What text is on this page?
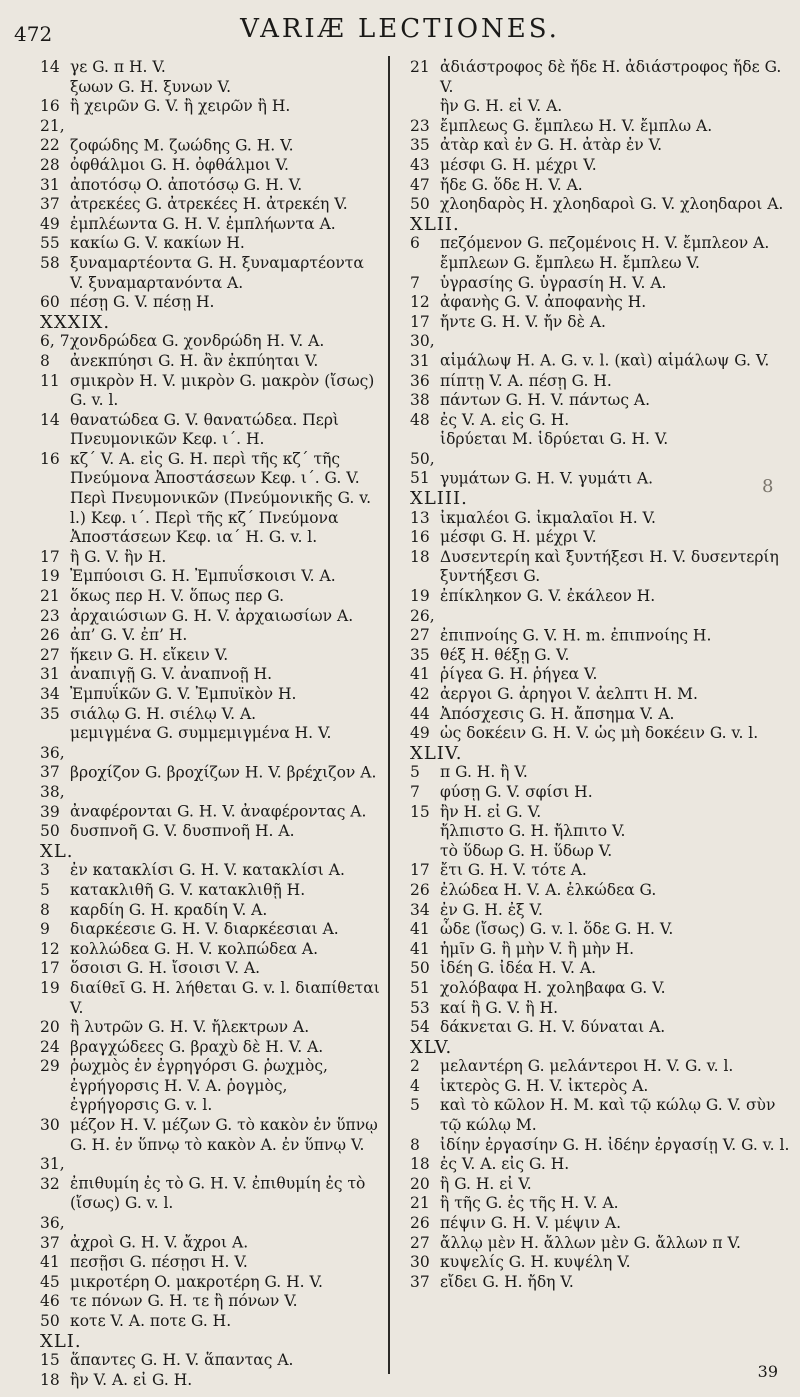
472	VARIÆ LECTIONES.
14 γε G. π H. V.
ξωων G. H. ξυνων V.
16 ἢ χειρῶν G. V. ἢ χειρῶν ἢ H.
21, 22 ζοφώδης M. ζωώδης G. H. V.
28 ὀφθάλμοι G. H. ὀφθάλμοι V.
31 ἀποτόσῳ O. ἀποτόσῳ G. H. V.
37 ἀτρεκέες G. ἀτρεκέες H. ἀτρεκέη V.
49 ἐμπλέωντα G. H. V. ἐμπλήωντα A.
55 κακίω G. V. κακίων H.
58 ξυναμαρτέοντα G. H. ξυναμαρτέοντα V. ξυναμαρτανόντα A.
60 πέσῃ G. V. πέσῃ H.
XXXIX.
6, 7χονδρώδεα G. χονδρώδη H. V. A.
8 ἀνεκπύησι G. H. ἂν ἐκπύηται V.
11 σμικρὸν H. V. μικρὸν G. μακρὸν (ἴσως) G. v. l.
14 θανατώδεα G. V. θανατώδεα. Περὶ Πνευμονικῶν Κεφ. ι΄. H.
16 κζ΄ V. A. εἰς G. H. περὶ τῆς κζ΄ τῆς Πνεύμονα Ἀποστάσεων Κεφ. ι΄. G. V. Περὶ Πνευμονικῶν (Πνεύμονικῆς G. v. l.) Κεφ. ι΄. Περὶ τῆς κζ΄ Πνεύμονα Ἀποστάσεων Κεφ. ια΄ H. G. v. l.
17 ἢ G. V. ἢν H.
19 Ἐμπύοισι G. H. Ἐμπυΐσκοισι V. A.
21 ὅκως περ H. V. ὅπως περ G.
23 ἀρχαιώσιων G. H. V. ἀρχαιωσίων A.
26 ἀπ’ G. V. ἐπ’ H.
27 ἥκειν G. H. εἴκειν V.
31 ἀναπιγῇ G. V. ἀναπνοῇ H.
34 Ἐμπυΐκῶν G. V. Ἐμπυϊκὸν H.
35 σιάλῳ G. H. σιέλῳ V. A.
μεμιγμένα G. συμμεμιγμένα H. V.
36, 37 βροχίζον G. βροχίζων H. V. βρέχιζον A.
38, 39 ἀναφέρονται G. H. V. ἀναφέροντας A.
50 δυσπνοῆ G. V. δυσπνοῆ H. A.
XL.
3 ἐν κατακλίσι G. H. V. κατακλίσι A.
5 κατακλιθῆ G. V. κατακλιθῇ H.
8 καρδίη G. H. κραδίη V. A.
9 διαρκέεσιε G. H. V. διαρκέεσιαι A.
12 κολλώδεα G. H. V. κολπώδεα A.
17 ὅσοισι G. H. ἴσοισι V. A.
19 διαίθεῖ G. H. λήθεται G. v. l. διαπίθεται V.
20 ἢ λυτρῶν G. H. V. ἤλεκτρων A.
24 βραγχώδεες G. βραχὺ δὲ H. V. A.
29 ῥωχμὸς ἐν ἐγρηγόρσι G. ῥωχμὸς, ἐγρήγορσις H. V. A. ῥογμὸς, ἐγρήγορσις G. v. l.
30 μέζον H. V. μέζων G. τὸ κακὸν ἐν ὕπνῳ G. H. ἐν ὕπνῳ τὸ κακὸν A. ἐν ὕπνῳ V.
31, 32 ἐπιθυμίη ἐς τὸ G. H. V. ἐπιθυμίη ἐς τὸ (ἴσως) G. v. l.
36, 37 ἀχροὶ G. H. V. ἄχροι A.
41 πεσῇσι G. πέσῃσι H. V.
45 μικροτέρη O. μακροτέρη G. H. V.
46 τε πόνων G. H. τε ἢ πόνων V.
50 κοτε V. A. ποτε G. H.
XLI.
15 ἅπαντες G. H. V. ἅπαντας A.
18 ἢν V. A. εἰ G. H.
21 ἀδιάστροφος δὲ ἤδε H. ἀδιάστροφος ἤδε G. V.
ἢν G. H. εἰ V. A.
23 ἔμπλεως G. ἔμπλεω H. V. ἔμπλω A.
35 ἀτὰρ καὶ ἐν G. H. ἀτὰρ ἐν V.
43 μέσφι G. H. μέχρι V.
47 ἤδε G. ὅδε H. V. A.
50 χλοηδαρὸς H. χλοηδαροὶ G. V. χλοηδαροι A.
XLII.
6 πεζόμενον G. πεζομένοις H. V. ἔμπλεον A. ἔμπλεων G. ἔμπλεω H. ἔμπλεω V.
7 ὑγρασίης G. ὑγρασίη H. V. A.
12 ἀφανὴς G. V. ἀποφανὴς H.
17 ἤντε G. H. V. ἤν δὲ A.
30, 31 αἱμάλωψ H. A. G. v. l. (καὶ) αἱμάλωψ G. V.
36 πίπτῃ V. A. πέσῃ G. H.
38 πάντων G. H. V. πάντως A.
48 ἐς V. A. εἰς G. H.
ἱδρύεται M. ἱδρύεται G. H. V.
50, 51 γυμάτων G. H. V. γυμάτι A.
XLIII.
13 ἰκμαλέοι G. ἰκμαλαῖοι H. V.
16 μέσφι G. H. μέχρι V.
18 Δυσεντερίη καὶ ξυντήξεσι H. V. δυσεντερίη ξυντήξεσι G.
19 ἐπίκληκον G. V. ἐκάλεον H.
26, 27 ἐπιπνοίης G. V. H. m. ἐπιπνοίης H.
35 θέξ H. θέξῃ G. V.
41 ῥίγεα G. H. ῥήγεα V.
42 ἀεργοι G. ἀρηγοι V. ἀελπτι H. M.
44 Ἀπόσχεσις G. H. ἄπσημα V. A.
49 ὡς δοκέειν G. H. V. ὡς μὴ δοκέειν G. v. l.
XLIV.
5 π G. H. ἢ V.
7 φύσῃ G. V. σφίσι H.
15 ἢν H. εἰ G. V.
ἤλπιστο G. H. ἤλπιτο V.
τὸ ὕδωρ G. H. ὕδωρ V.
17 ἔτι G. H. V. τότε A.
26 ἐλώδεα H. V. A. ἑλκώδεα G.
34 ἐν G. H. ἐξ V.
41 ὧδε (ἴσως) G. v. l. ὅδε G. H. V.
41 ἡμῖν G. ἢ μὴν V. ἢ μὴν H.
50 ἰδέη G. ἰδέα H. V. A.
51 χολόβαφα H. χοληβαφα G. V.
53 καί ἢ G. V. ἢ H.
54 δάκνεται G. H. V. δύναται A.
XLV.
2 μελαντέρη G. μελάντεροι H. V. G. v. l.
4 ἰκτερὸς G. H. V. ἰκτερὸς A.
5 καὶ τὸ κῶλον H. M. καὶ τῷ κώλῳ G. V. σὺν τῷ κώλῳ M.
8 ἰδίην ἐργασίην G. H. ἰδέην ἐργασίῃ V. G. v. l.
18 ἐς V. A. εἰς G. H.
20 ἢ G. H. εἰ V.
21 ἢ τῆς G. ἐς τῆς H. V. A.
26 πέψιν G. H. V. μέψιν A.
27 ἄλλῳ μὲν H. ἄλλων μὲν G. ἄλλων π V.
30 κυψελίς G. H. κυψέλη V.
37 εἴδει G. H. ἤδη V.
8
39
